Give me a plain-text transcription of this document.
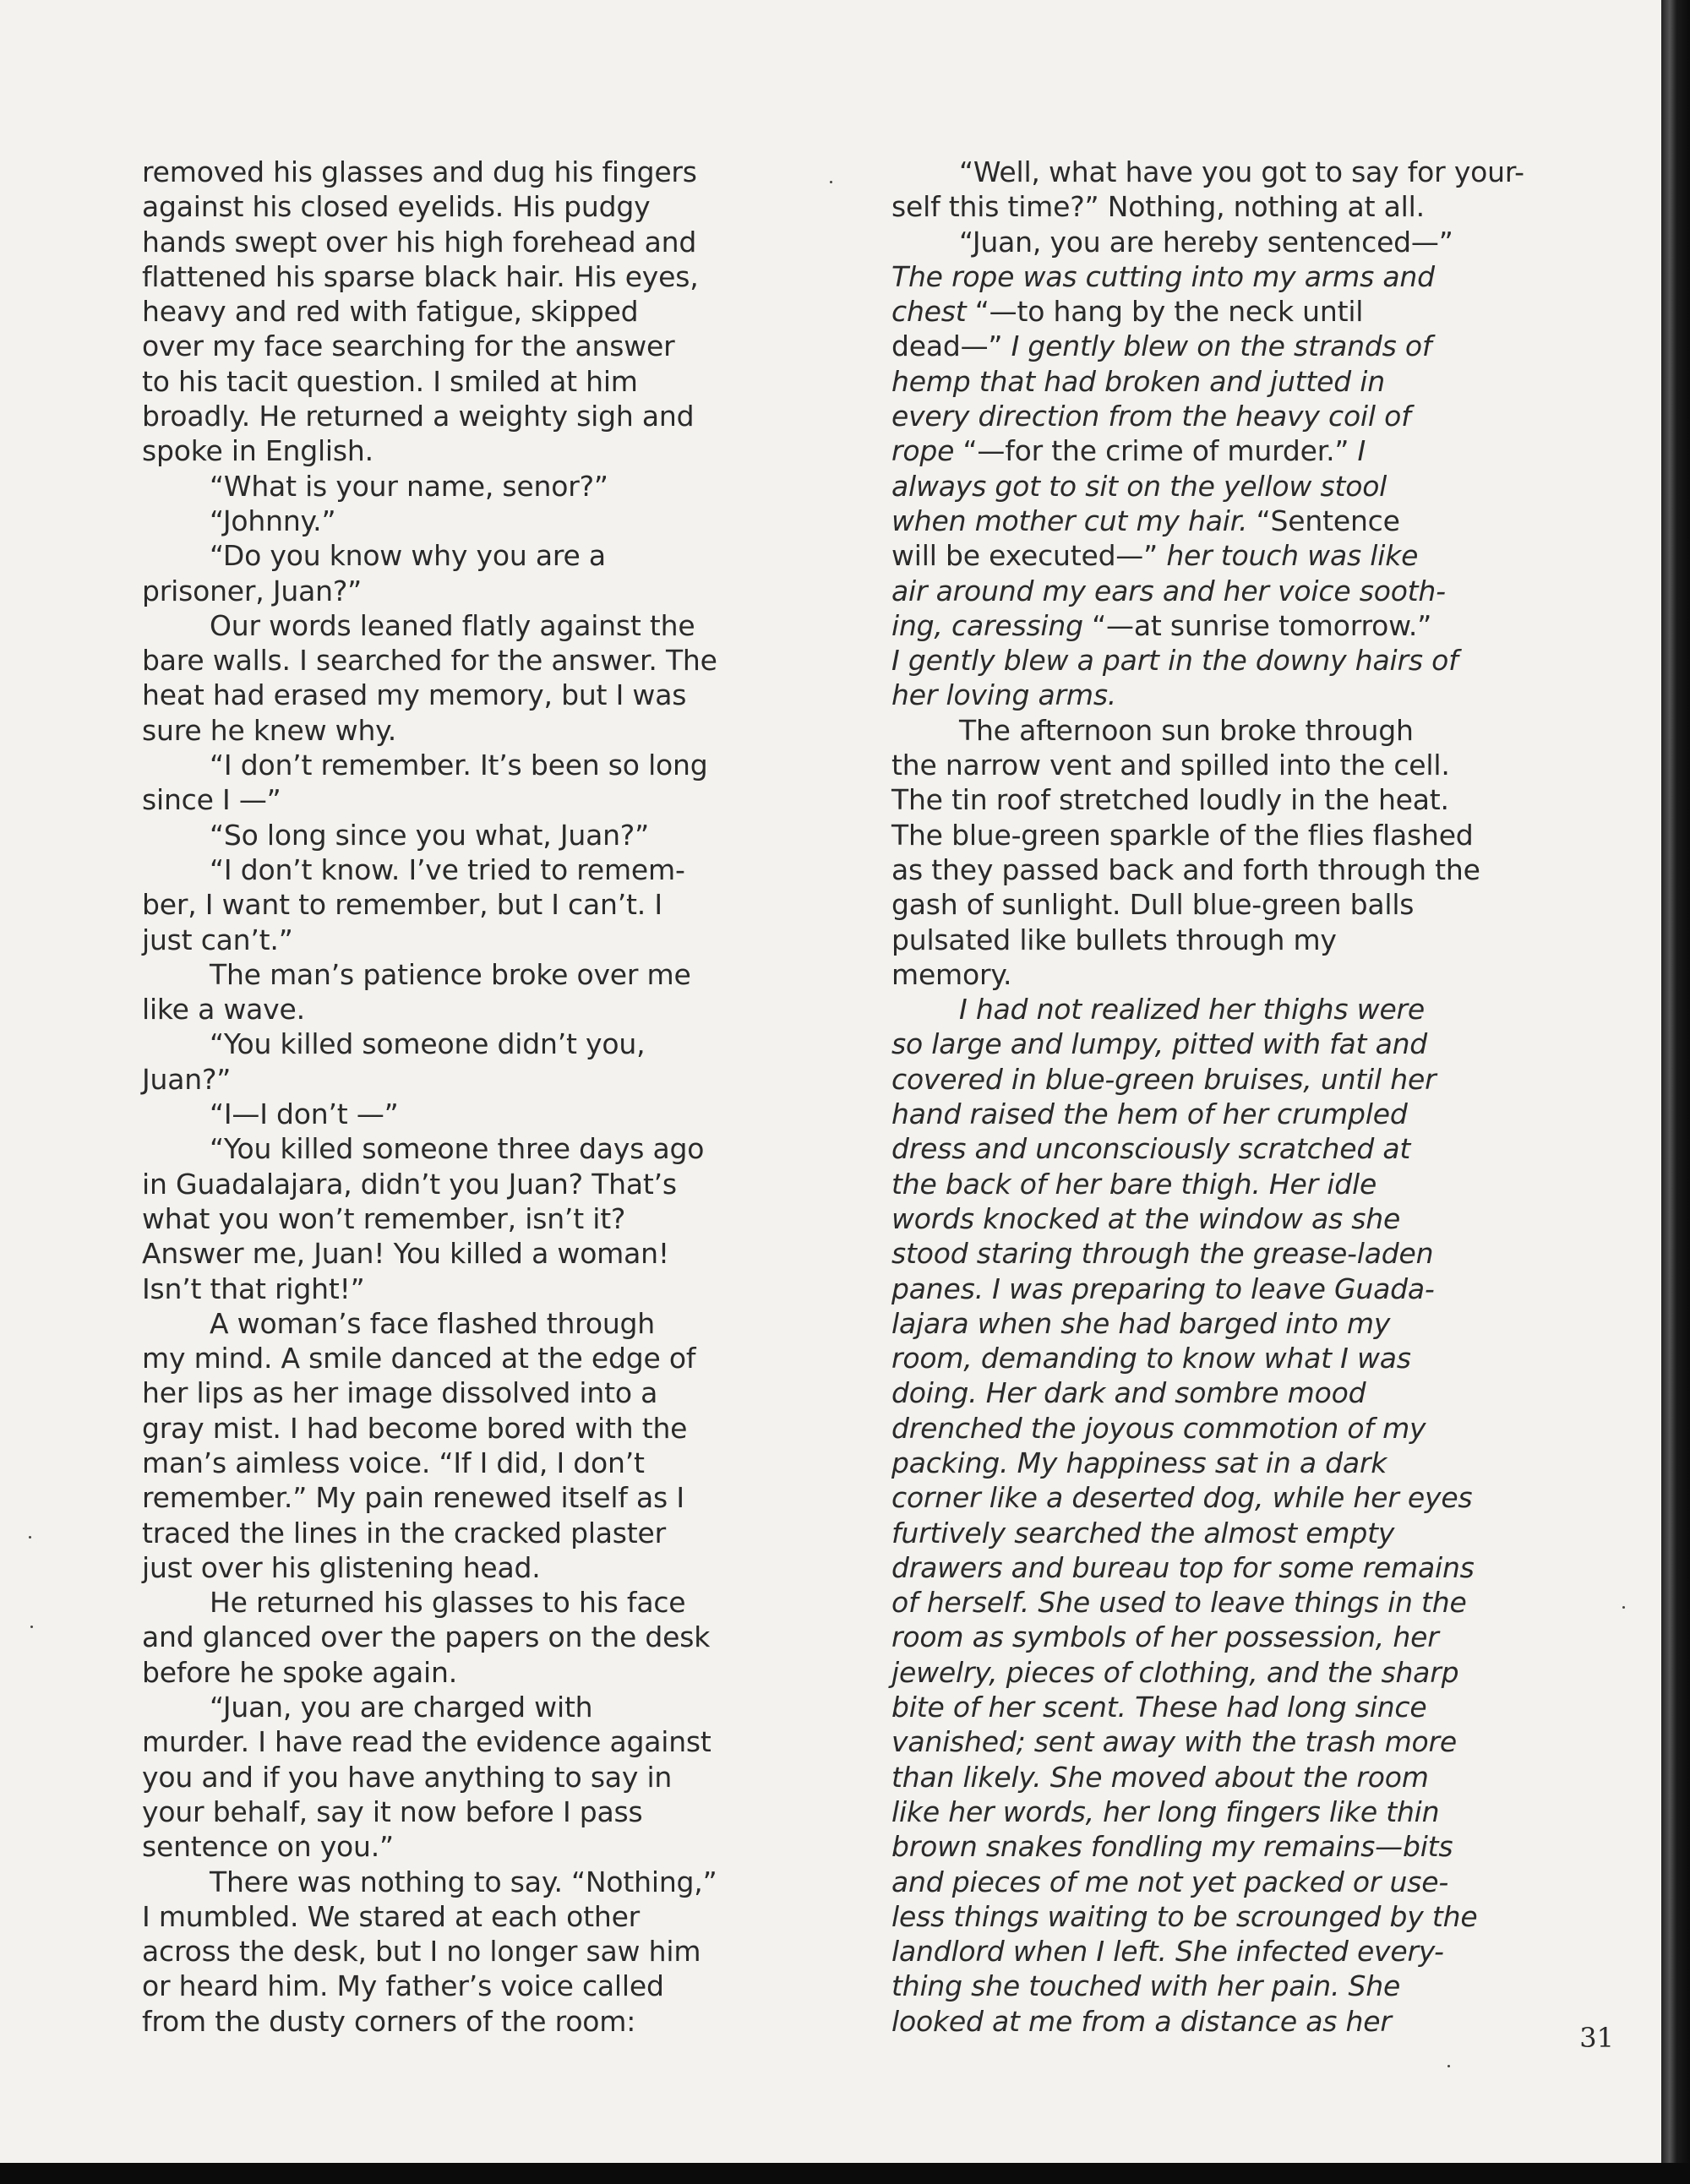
removed his glasses and dug his fingers
against his closed eyelids. His pudgy
hands swept over his high forehead and
flattened his sparse black hair. His eyes,
heavy and red with fatigue, skipped
over my face searching for the answer
to his tacit question. I smiled at him
broadly. He returned a weighty sigh and
spoke in English.
“What is your name, senor?”
“Johnny.”
“Do you know why you are a
prisoner, Juan?”
Our words leaned flatly against the
bare walls. I searched for the answer. The
heat had erased my memory, but I was
sure he knew why.
“I don’t remember. It’s been so long
since I —”
“So long since you what, Juan?”
“I don’t know. I’ve tried to remem-
ber, I want to remember, but I can’t. I
just can’t.”
The man’s patience broke over me
like a wave.
“You killed someone didn’t you,
Juan?”
“I—I don’t —”
“You killed someone three days ago
in Guadalajara, didn’t you Juan? That’s
what you won’t remember, isn’t it?
Answer me, Juan! You killed a woman!
Isn’t that right!”
A woman’s face flashed through
my mind. A smile danced at the edge of
her lips as her image dissolved into a
gray mist. I had become bored with the
man’s aimless voice. “If I did, I don’t
remember.” My pain renewed itself as I
traced the lines in the cracked plaster
just over his glistening head.
He returned his glasses to his face
and glanced over the papers on the desk
before he spoke again.
“Juan, you are charged with
murder. I have read the evidence against
you and if you have anything to say in
your behalf, say it now before I pass
sentence on you.”
There was nothing to say. “Nothing,”
I mumbled. We stared at each other
across the desk, but I no longer saw him
or heard him. My father’s voice called
from the dusty corners of the room:
“Well, what have you got to say for your-
self this time?” Nothing, nothing at all.
“Juan, you are hereby sentenced—”
The rope was cutting into my arms and
chest “—to hang by the neck until
dead—” I gently blew on the strands of
hemp that had broken and jutted in
every direction from the heavy coil of
rope “—for the crime of murder.” I
always got to sit on the yellow stool
when mother cut my hair. “Sentence
will be executed—” her touch was like
air around my ears and her voice sooth-
ing, caressing “—at sunrise tomorrow.”
I gently blew a part in the downy hairs of
her loving arms.
The afternoon sun broke through
the narrow vent and spilled into the cell.
The tin roof stretched loudly in the heat.
The blue-green sparkle of the flies flashed
as they passed back and forth through the
gash of sunlight. Dull blue-green balls
pulsated like bullets through my
memory.
I had not realized her thighs were
so large and lumpy, pitted with fat and
covered in blue-green bruises, until her
hand raised the hem of her crumpled
dress and unconsciously scratched at
the back of her bare thigh. Her idle
words knocked at the window as she
stood staring through the grease-laden
panes. I was preparing to leave Guada-
lajara when she had barged into my
room, demanding to know what I was
doing. Her dark and sombre mood
drenched the joyous commotion of my
packing. My happiness sat in a dark
corner like a deserted dog, while her eyes
furtively searched the almost empty
drawers and bureau top for some remains
of herself. She used to leave things in the
room as symbols of her possession, her
jewelry, pieces of clothing, and the sharp
bite of her scent. These had long since
vanished; sent away with the trash more
than likely. She moved about the room
like her words, her long fingers like thin
brown snakes fondling my remains—bits
and pieces of me not yet packed or use-
less things waiting to be scrounged by the
landlord when I left. She infected every-
thing she touched with her pain. She
looked at me from a distance as her
31
